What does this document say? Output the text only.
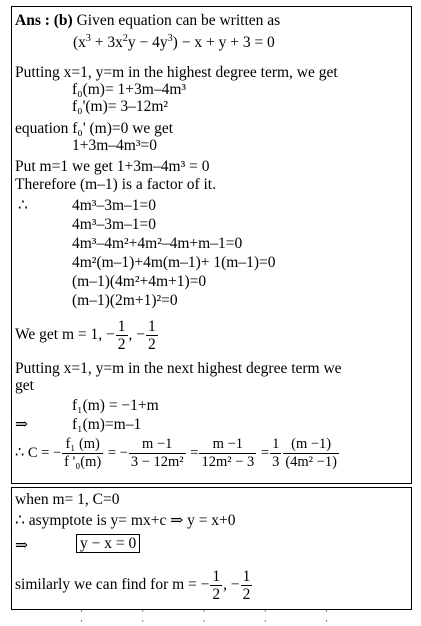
Ans : (b) Given equation can be written as
$(x^3 + 3x^2y - 4y^3) - x + y + 3 = 0$
Putting x=1, y=m in the highest degree term, we get
f₀(m)= 1+3m–4m³
f₀'(m)= 3–12m²
equation f₀' (m)=0 we get
1+3m–4m³=0
Put m=1 we get 1+3m–4m³ = 0
Therefore (m–1) is a factor of it.
∴	4m³–3m–1=0
4m³–3m–1=0
4m³–4m²+4m²–4m+m–1=0
4m²(m–1)+4m(m–1)+ 1(m–1)=0
(m–1)(4m²+4m+1)=0
(m–1)(2m+1)²=0
We get m = 1, − $\frac{1}{2}$ , − $\frac{1}{2}$
Putting x=1, y=m in the next highest degree term we
get
f₁(m) = −1+m
⇒	f₁(m)=m–1
∴ C = − $\frac{\text{f₁ (m)}}{\text{f '₀(m)}}$ = − $\frac{m -1}{\text{3 − 12m²}} = \frac{m -1}{\text{12m² − 3}} = \frac{1}{3} \frac{(m -1)}{\text{(4m² −1)}}$
when m= 1, C=0
∴ asymptote is y= mx+c ⇒ y = x+0
⇒	y − x = 0
similarly we can find for m = − $\frac{1}{2}$ , − $\frac{1}{2}$
· · · · · · · · · ·
